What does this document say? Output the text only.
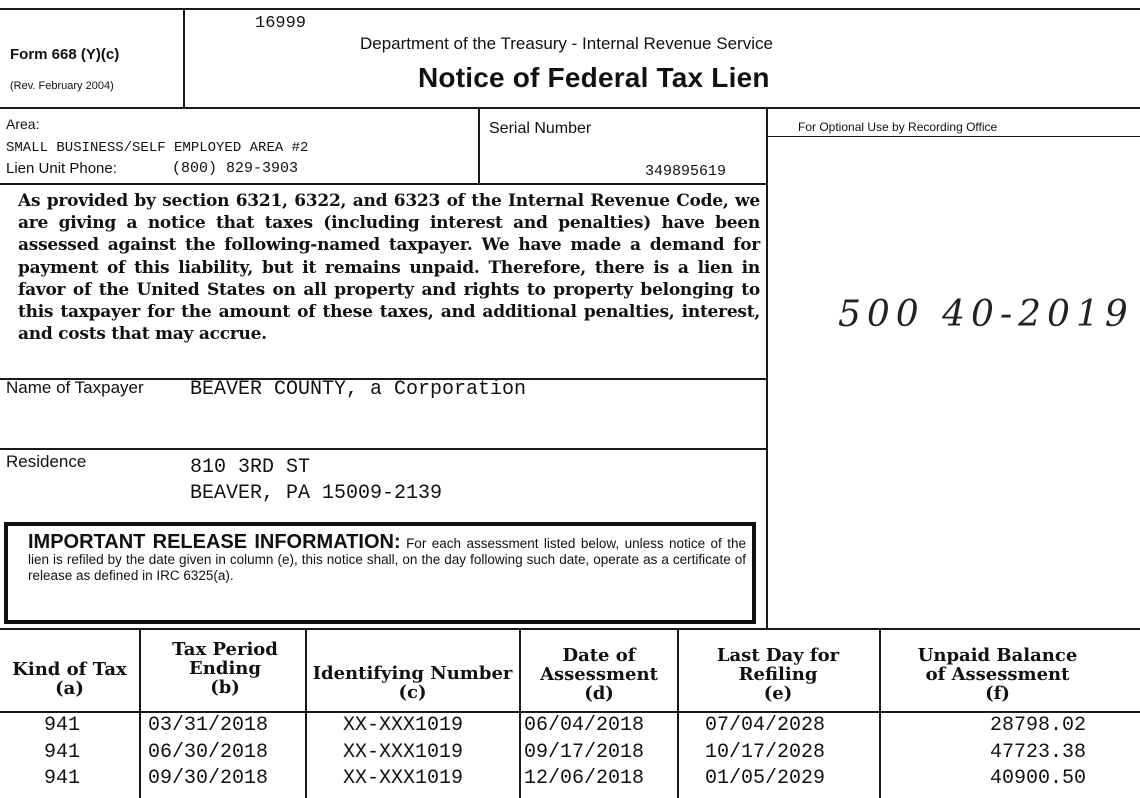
Form 668 (Y)(c)
(Rev. February 2004)
16999
Department of the Treasury - Internal Revenue Service
Notice of Federal Tax Lien
Area:
SMALL BUSINESS/SELF EMPLOYED AREA #2
Lien Unit Phone:	(800) 829-3903
Serial Number
349895619
For Optional Use by Recording Office
As provided by section 6321, 6322, and 6323 of the Internal Revenue Code, we are giving a notice that taxes (including interest and penalties) have been assessed against the following-named taxpayer. We have made a demand for payment of this liability, but it remains unpaid. Therefore, there is a lien in favor of the United States on all property and rights to property belonging to this taxpayer for the amount of these taxes, and additional penalties, interest, and costs that may accrue.	500 40-2019
Name of Taxpayer BEAVER COUNTY, a Corporation
Residence	810 3RD ST
BEAVER, PA 15009-2139
IMPORTANT RELEASE INFORMATION: For each assessment listed below, unless notice of the lien is refiled by the date given in column (e), this notice shall, on the day following such date, operate as a certificate of release as defined in IRC 6325(a).
Kind of Tax
(a)
Tax Period Ending
(b)
Identifying Number
(c)
Date of Assessment
(d)
Last Day for Refiling
(e)
Unpaid Balance of Assessment
(f)
941	03/31/2018	XX-XXX1019	06/04/2018	07/04/2028	28798.02
941	06/30/2018	XX-XXX1019	09/17/2018	10/17/2028	47723.38
941	09/30/2018	XX-XXX1019	12/06/2018	01/05/2029	40900.50
